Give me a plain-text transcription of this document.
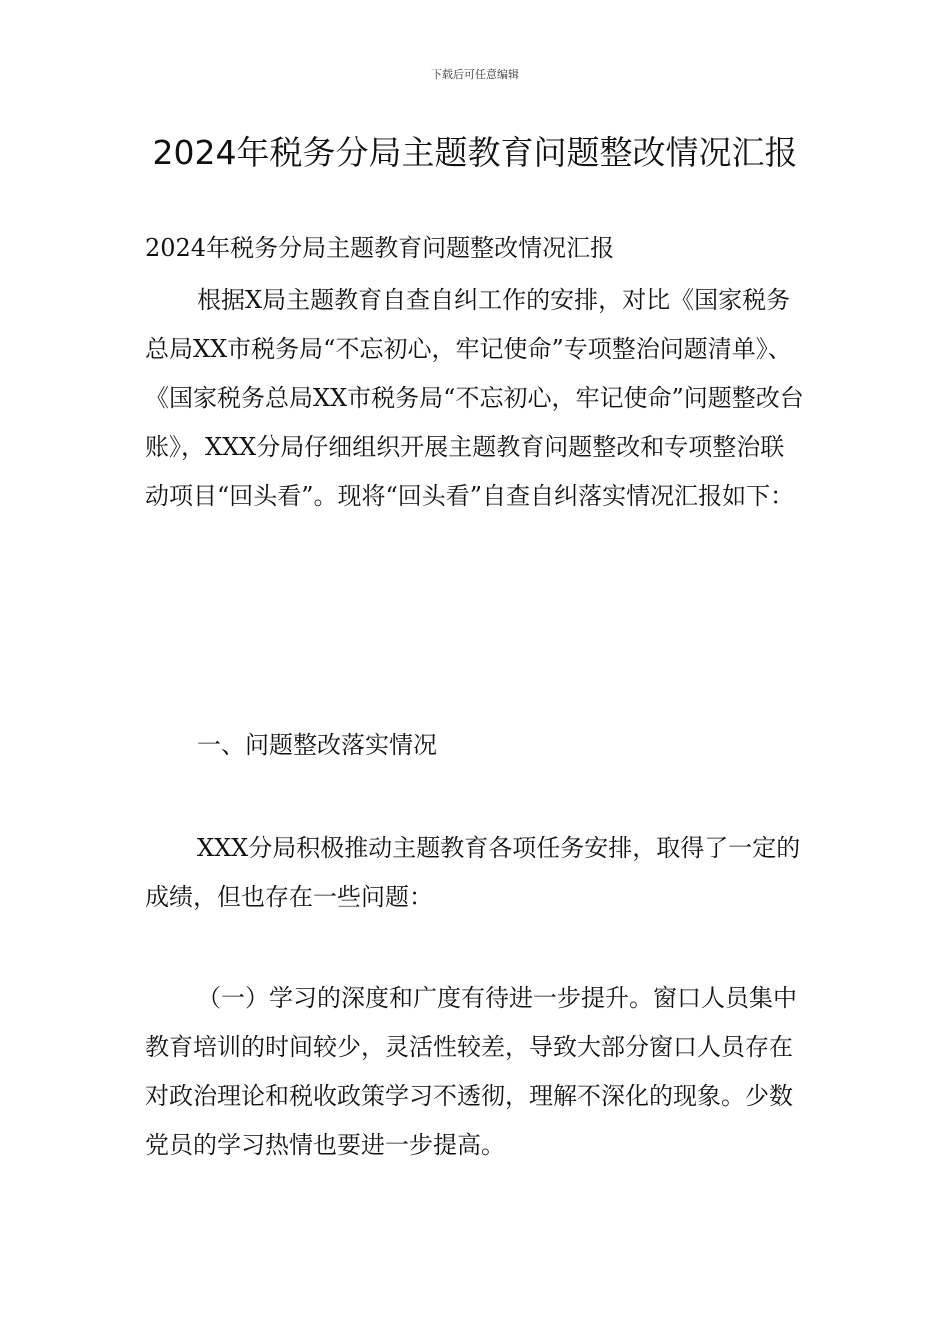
下载后可任意编辑
2024年税务分局主题教育问题整改情况汇报

2024年税务分局主题教育问题整改情况汇报

根据X局主题教育自查自纠工作的安排，对比《国家税务总局XX市税务局“不忘初心，牢记使命”专项整治问题清单》、《国家税务总局XX市税务局“不忘初心，牢记使命”问题整改台账》，XXX分局仔细组织开展主题教育问题整改和专项整治联动项目“回头看”。现将“回头看”自查自纠落实情况汇报如下：

一、问题整改落实情况

XXX分局积极推动主题教育各项任务安排，取得了一定的成绩，但也存在一些问题：

（一）学习的深度和广度有待进一步提升。窗口人员集中教育培训的时间较少，灵活性较差，导致大部分窗口人员存在对政治理论和税收政策学习不透彻，理解不深化的现象。少数党员的学习热情也要进一步提高。
